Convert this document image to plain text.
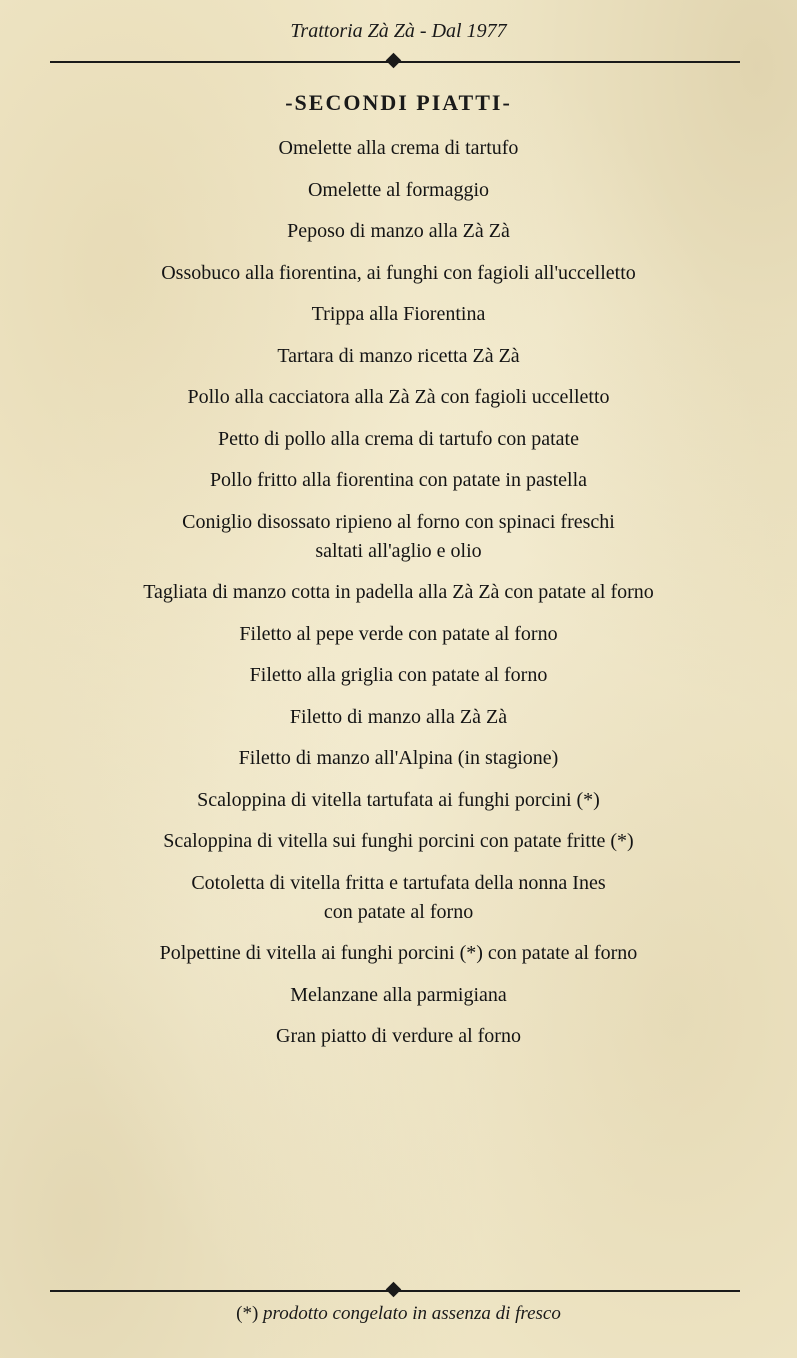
Trattoria Zà Zà - Dal 1977
-SECONDI PIATTI-
Omelette alla crema di tartufo
Omelette al formaggio
Peposo di manzo alla Zà Zà
Ossobuco alla fiorentina, ai funghi con fagioli all'uccelletto
Trippa alla Fiorentina
Tartara di manzo ricetta Zà Zà
Pollo alla cacciatora alla Zà Zà con fagioli uccelletto
Petto di pollo alla crema di tartufo con patate
Pollo fritto alla fiorentina con patate in pastella
Coniglio disossato ripieno al forno con spinaci freschi
saltati all'aglio e olio
Tagliata di manzo cotta in padella alla Zà Zà con patate al forno
Filetto al pepe verde con patate al forno
Filetto alla griglia con patate al forno
Filetto di manzo alla Zà Zà
Filetto di manzo all'Alpina (in stagione)
Scaloppina di vitella tartufata ai funghi porcini (*)
Scaloppina di vitella sui funghi porcini con patate fritte (*)
Cotoletta di vitella fritta e tartufata della nonna Ines
con patate al forno
Polpettine di vitella ai funghi porcini (*) con patate al forno
Melanzane alla parmigiana
Gran piatto di verdure al forno
(*) prodotto congelato in assenza di fresco
